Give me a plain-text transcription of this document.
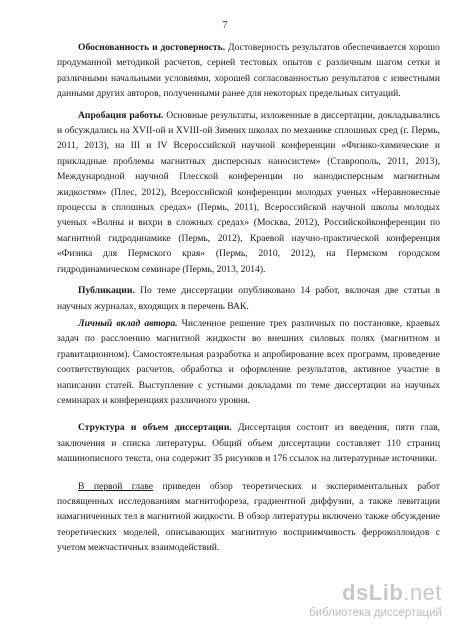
7

Обоснованность и достоверность. Достоверность результатов обеспечивается хорошо продуманной методикой расчетов, серией тестовых опытов с различным шагом сетки и различными начальными условиями, хорошей согласованностью результатов с известными данными других авторов, полученными ранее для некоторых предельных ситуаций.

Апробация работы. Основные результаты, изложенные в диссертации, докладывались и обсуждались на XVII-ой и XVIII-ой Зимних школах по механике сплошных сред (г. Пермь, 2011, 2013), на III и IV Всероссийской научной конференции «Физико-химические и прикладные проблемы магнитных дисперсных наносистем» (Ставрополь, 2011, 2013), Международной научной Плесской конференции по нанодисперсным магнитным жидкостям» (Плес, 2012), Всероссийской конференции молодых ученых «Неравновесные процессы в сплошных средах» (Пермь, 2011), Всероссийской научной школы молодых ученых «Волны и вихри в сложных средах» (Москва, 2012), Российскойконференции по магнитной гидродинамике (Пермь, 2012), Краевой научно-практической конференция «Физика для Пермского края» (Пермь, 2010, 2012), на Пермском городском гидродинамическом семинаре (Пермь, 2013, 2014).

Публикации. По теме диссертации опубликовано 14 работ, включая две статьи в научных журналах, входящих в перечень ВАК.

Личный вклад автора. Численное решение трех различных по постановке, краевых задач по расслоению магнитной жидкости во внешних силовых полях (магнитном и гравитационном). Самостоятельная разработка и апробирование всех программ, проведение соответствующих расчетов, обработка и оформление результатов, активное участие в написании статей. Выступление с устными докладами по теме диссертации на научных семинарах и конференциях различного уровня.

Структура и объем диссертации. Диссертация состоит из введения, пяти глав, заключения и списка литературы. Общий объем диссертации составляет 110 страниц машинописного текста, она содержит 35 рисунков и 176 ссылок на литературные источники.

В первой главе приведен обзор теоретических и экспериментальных работ посвященных исследованиям магнитофореза, градиентной диффузии, а также левитации намагниченных тел в магнитной жидкости. В обзор литературы включено также обсуждение теоретических моделей, описывающих магнитную восприимчивость ферроколлоидов с учетом межчастичных взаимодействий.

dsLib.net
библиотека диссертаций
